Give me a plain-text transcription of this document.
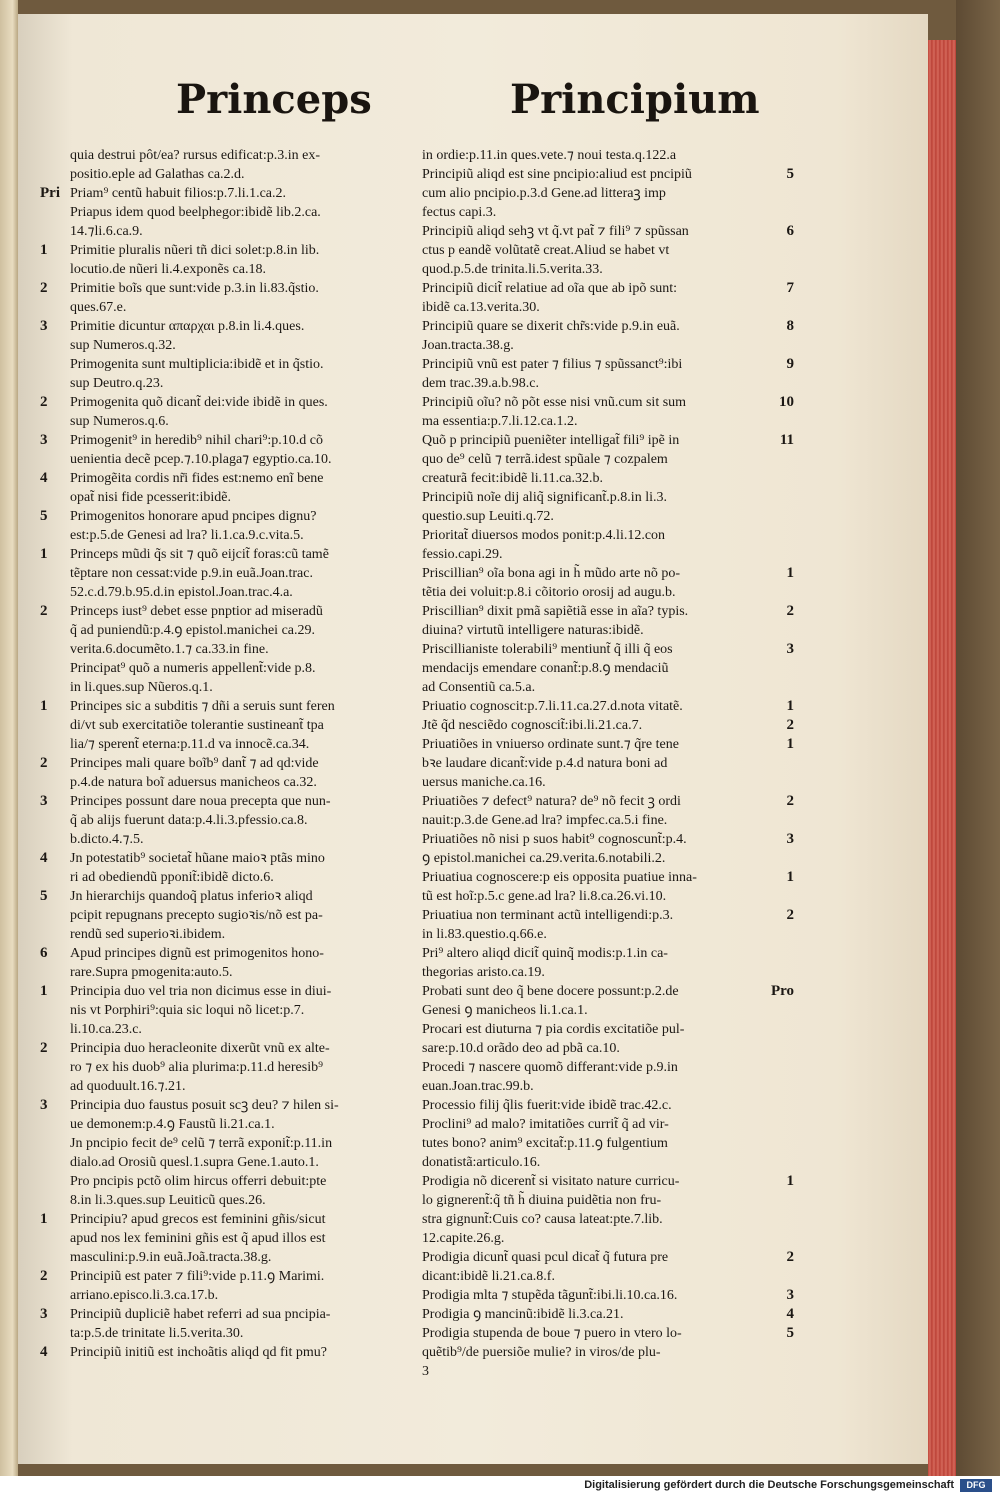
Princeps	Principium
quia destrui pôt/ea? rursus edificat:p.3.in ex-
positio.eple ad Galathas ca.2.d.
Pri Priam⁹ centũ habuit filios:p.7.li.1.ca.2.
Priapus idem quod beelphegor:ibidẽ lib.2.ca.
14.⁊li.6.ca.9.
1 Primitie pluralis nũeri tñ dici solet:p.8.in lib.
locutio.de nũeri li.4.exponẽs ca.18.
2 Primitie boĩs que sunt:vide p.3.in li.83.q̃stio.
ques.67.e.
3 Primitie dicuntur απαρχαι p.8.in li.4.ques.
sup Numeros.q.32.
Primogenita sunt multiplicia:ibidẽ et in q̃stio.
sup Deutro.q.23.
2 Primogenita quõ dicant̃ dei:vide ibidẽ in ques.
sup Numeros.q.6.
3 Primogenit⁹ in heredib⁹ nihil chari⁹:p.10.d cõ
uenientia decẽ pcep.⁊.10.plaga⁊ egyptio.ca.10.
4 Primogẽita cordis nr̃i fides est:nemo enĩ bene
opat̃ nisi fide pcesserit:ibidẽ.
5 Primogenitos honorare apud pncipes dignu?
est:p.5.de Genesi ad lra? li.1.ca.9.c.vita.5.
1 Princeps mũdi q̃s sit ⁊ quõ eijcit̃ foras:cũ tamẽ
tẽptare non cessat:vide p.9.in euã.Joan.trac.
52.c.d.79.b.95.d.in epistol.Joan.trac.4.a.
2 Princeps iust⁹ debet esse pnptior ad miseradũ
q̃ ad puniendũ:p.4.ꝯ epistol.manichei ca.29.
verita.6.documẽto.1.⁊ ca.33.in fine.
Principat⁹ quõ a numeris appellent̃:vide p.8.
in li.ques.sup Nũeros.q.1.
1 Principes sic a subditis ⁊ dñi a seruis sunt feren
di/vt sub exercitatiõe tolerantie sustineant̃ tpa
lia/⁊ sperent̃ eterna:p.11.d va innocẽ.ca.34.
2 Principes mali quare boĩb⁹ dant̃ ⁊ ad qd:vide
p.4.de natura boĩ aduersus manicheos ca.32.
3 Principes possunt dare noua precepta que nun-
q̃ ab alijs fuerunt data:p.4.li.3.pfessio.ca.8.
b.dicto.4.⁊.5.
4 Jn potestatib⁹ societat̃ hũane maioꝛ ptãs mino
ri ad obediendũ pponit̃:ibidẽ dicto.6.
5 Jn hierarchijs quandoq̃ platus inferioꝛ aliqd
pcipit repugnans precepto sugioꝛis/nõ est pa-
rendũ sed superioꝛi.ibidem.
6 Apud principes dignũ est primogenitos hono-
rare.Supra pmogenita:auto.5.
1 Principia duo vel tria non dicimus esse in diui-
nis vt Porphiri⁹:quia sic loqui nõ licet:p.7.
li.10.ca.23.c.
2 Principia duo heracleonite dixerũt vnũ ex alte-
ro ⁊ ex his duob⁹ alia plurima:p.11.d heresib⁹
ad quoduult.16.⁊.21.
3 Principia duo faustus posuit scꝫ deu? ⁊ hilen si-
ue demonem:p.4.ꝯ Faustũ li.21.ca.1.
Jn pncipio fecit de⁹ celũ ⁊ terrã exponit̃:p.11.in
dialo.ad Orosiũ quesl.1.supra Gene.1.auto.1.
Pro pncipis pctõ olim hircus offerri debuit:pte
8.in li.3.ques.sup Leuiticũ ques.26.
1 Principiu? apud grecos est feminini gñis/sicut
apud nos lex feminini gñis est q̃ apud illos est
masculini:p.9.in euã.Joã.tracta.38.g.
2 Principiũ est pater ⁊ fili⁹:vide p.11.ꝯ Marimi.
arriano.episco.li.3.ca.17.b.
3 Principiũ dupliciẽ habet referri ad sua pncipia-
ta:p.5.de trinitate li.5.verita.30.
4 Principiũ initiũ est inchoãtis aliqd qd fit pmu?
in ordie:p.11.in ques.vete.⁊ noui testa.q.122.a
5
Principiũ aliqd est sine pncipio:aliud est pncipiũ
cum alio pncipio.p.3.d Gene.ad litteraꝫ imp
fectus capi.3.
6
Principiũ aliqd sehꝫ vt q̃.vt pat̃ ⁊ fili⁹ ⁊ spũssan
ctus p eandẽ volũtatẽ creat.Aliud se habet vt
quod.p.5.de trinita.li.5.verita.33.
7
Principiũ dicit̃ relatiue ad oĩa que ab ipõ sunt:
ibidẽ ca.13.verita.30.
8
Principiũ quare se dixerit chr̃s:vide p.9.in euã.
Joan.tracta.38.g.
9
Principiũ vnũ est pater ⁊ filius ⁊ spũssanct⁹:ibi
dem trac.39.a.b.98.c.
10
Principiũ oĩu? nõ põt esse nisi vnũ.cum sit sum
ma essentia:p.7.li.12.ca.1.2.
11
Quõ p principiũ pueniẽter intelligat̃ fili⁹ ipẽ in
quo de⁹ celũ ⁊ terrã.idest spũale ⁊ cozpalem
creaturã fecit:ibidẽ li.11.ca.32.b.
Principiũ noĩe dij aliq̃ significant̃.p.8.in li.3.
questio.sup Leuiti.q.72.
Prioritat̃ diuersos modos ponit:p.4.li.12.con
fessio.capi.29.
1
Priscillian⁹ oĩa bona agi in h̃ mũdo arte nõ po-
tẽtia dei voluit:p.8.i cõitorio orosij ad augu.b.
2
Priscillian⁹ dixit pmã sapiẽtiã esse in aĩa? typis.
diuina? virtutũ intelligere naturas:ibidẽ.
3
Priscillianiste tolerabili⁹ mentiunt̃ q̃ illi q̃ eos
mendacijs emendare conant̃:p.8.ꝯ mendaciũ
ad Consentiũ ca.5.a.
1
Priuatio cognoscit:p.7.li.11.ca.27.d.nota vitatẽ.
2
Jtẽ q̃d nesciẽdo cognoscit̃:ibi.li.21.ca.7.
1
Priuatiões in vniuerso ordinate sunt.⁊ q̃re tene
bꝛe laudare dicant̃:vide p.4.d natura boni ad
uersus maniche.ca.16.
2
Priuatiões ⁊ defect⁹ natura? de⁹ nõ fecit ꝫ ordi
nauit:p.3.de Gene.ad lra? impfec.ca.5.i fine.
3
Priuatiões nõ nisi p suos habit⁹ cognoscunt̃:p.4.
ꝯ epistol.manichei ca.29.verita.6.notabili.2.
1
Priuatiua cognoscere:p eis opposita puatiue inna-
tũ est hoĩ:p.5.c gene.ad lra? li.8.ca.26.vi.10.
2
Priuatiua non terminant actũ intelligendi:p.3.
in li.83.questio.q.66.e.
Pri⁹ altero aliqd dicit̃ quinq̃ modis:p.1.in ca-
thegorias aristo.ca.19.
Pro
Probati sunt deo q̃ bene docere possunt:p.2.de
Genesi ꝯ manicheos li.1.ca.1.
Procari est diuturna ⁊ pia cordis excitatiõe pul-
sare:p.10.d orãdo deo ad pbã ca.10.
Procedi ⁊ nascere quomõ differant:vide p.9.in
euan.Joan.trac.99.b.
Processio filij q̃lis fuerit:vide ibidẽ trac.42.c.
Proclini⁹ ad malo? imitatiões currit̃ q̃ ad vir-
tutes bono? anim⁹ excitat̃:p.11.ꝯ fulgentium
donatistã:articulo.16.
1
Prodigia nõ dicerent̃ si visitato nature curricu-
lo gignerent̃:q̃ tñ h̃ diuina puidẽtia non fru-
stra gignunt̃:Cuis co? causa lateat:pte.7.lib.
12.capite.26.g.
2
Prodigia dicunt̃ quasi pcul dicat̃ q̃ futura pre
dicant:ibidẽ li.21.ca.8.f.
3
Prodigia mlta ⁊ stupẽda tãgunt̃:ibi.li.10.ca.16.
4
Prodigia ꝯ mancinũ:ibidẽ li.3.ca.21.
5
Prodigia stupenda de boue ⁊ puero in vtero lo-
quẽtib⁹/de puersiõe mulie? in viros/de plu-
3
Digitalisierung gefördert durch die Deutsche Forschungsgemeinschaft	DFG
